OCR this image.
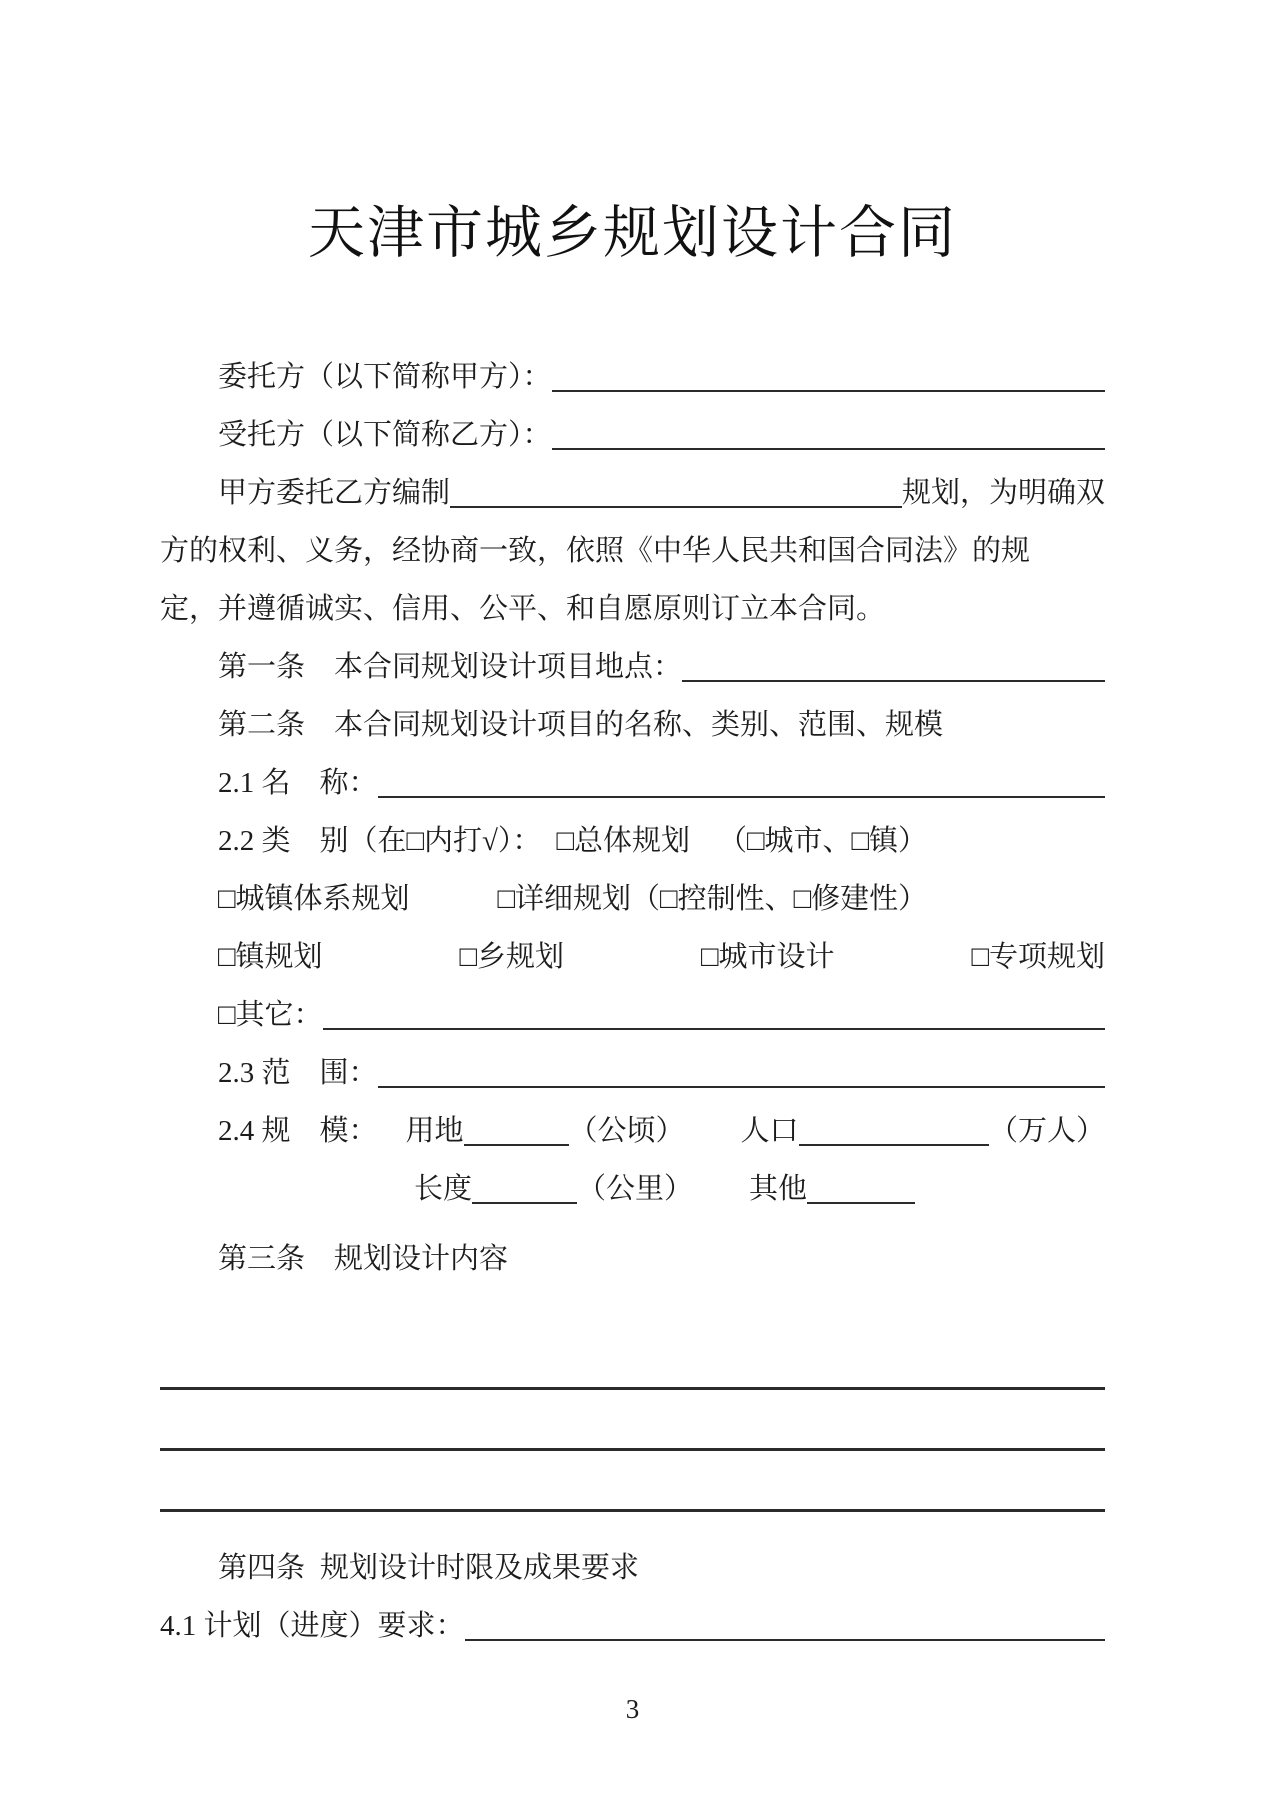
天津市城乡规划设计合同
委托方（以下简称甲方）：
受托方（以下简称乙方）：
甲方委托乙方编制	规划，为明确双
方的权利、义务，经协商一致，依照《中华人民共和国合同法》的规
定，并遵循诚实、信用、公平、和自愿原则订立本合同。
第一条 本合同规划设计项目地点：
第二条 本合同规划设计项目的名称、类别、范围、规模
2.1 名　称：
2.2 类　别（在□内打√）： □总体规划 （□城市、□镇）
□城镇体系规划	□详细规划（□控制性、□修建性）
□镇规划	□乡规划	□城市设计	□专项规划
□其它：
2.3 范　围：
2.4 规　模： 用地	（公顷） 人口	（万人）
长度	（公里） 其他
第三条 规划设计内容
第四条 规划设计时限及成果要求
4.1 计划（进度）要求：
3
